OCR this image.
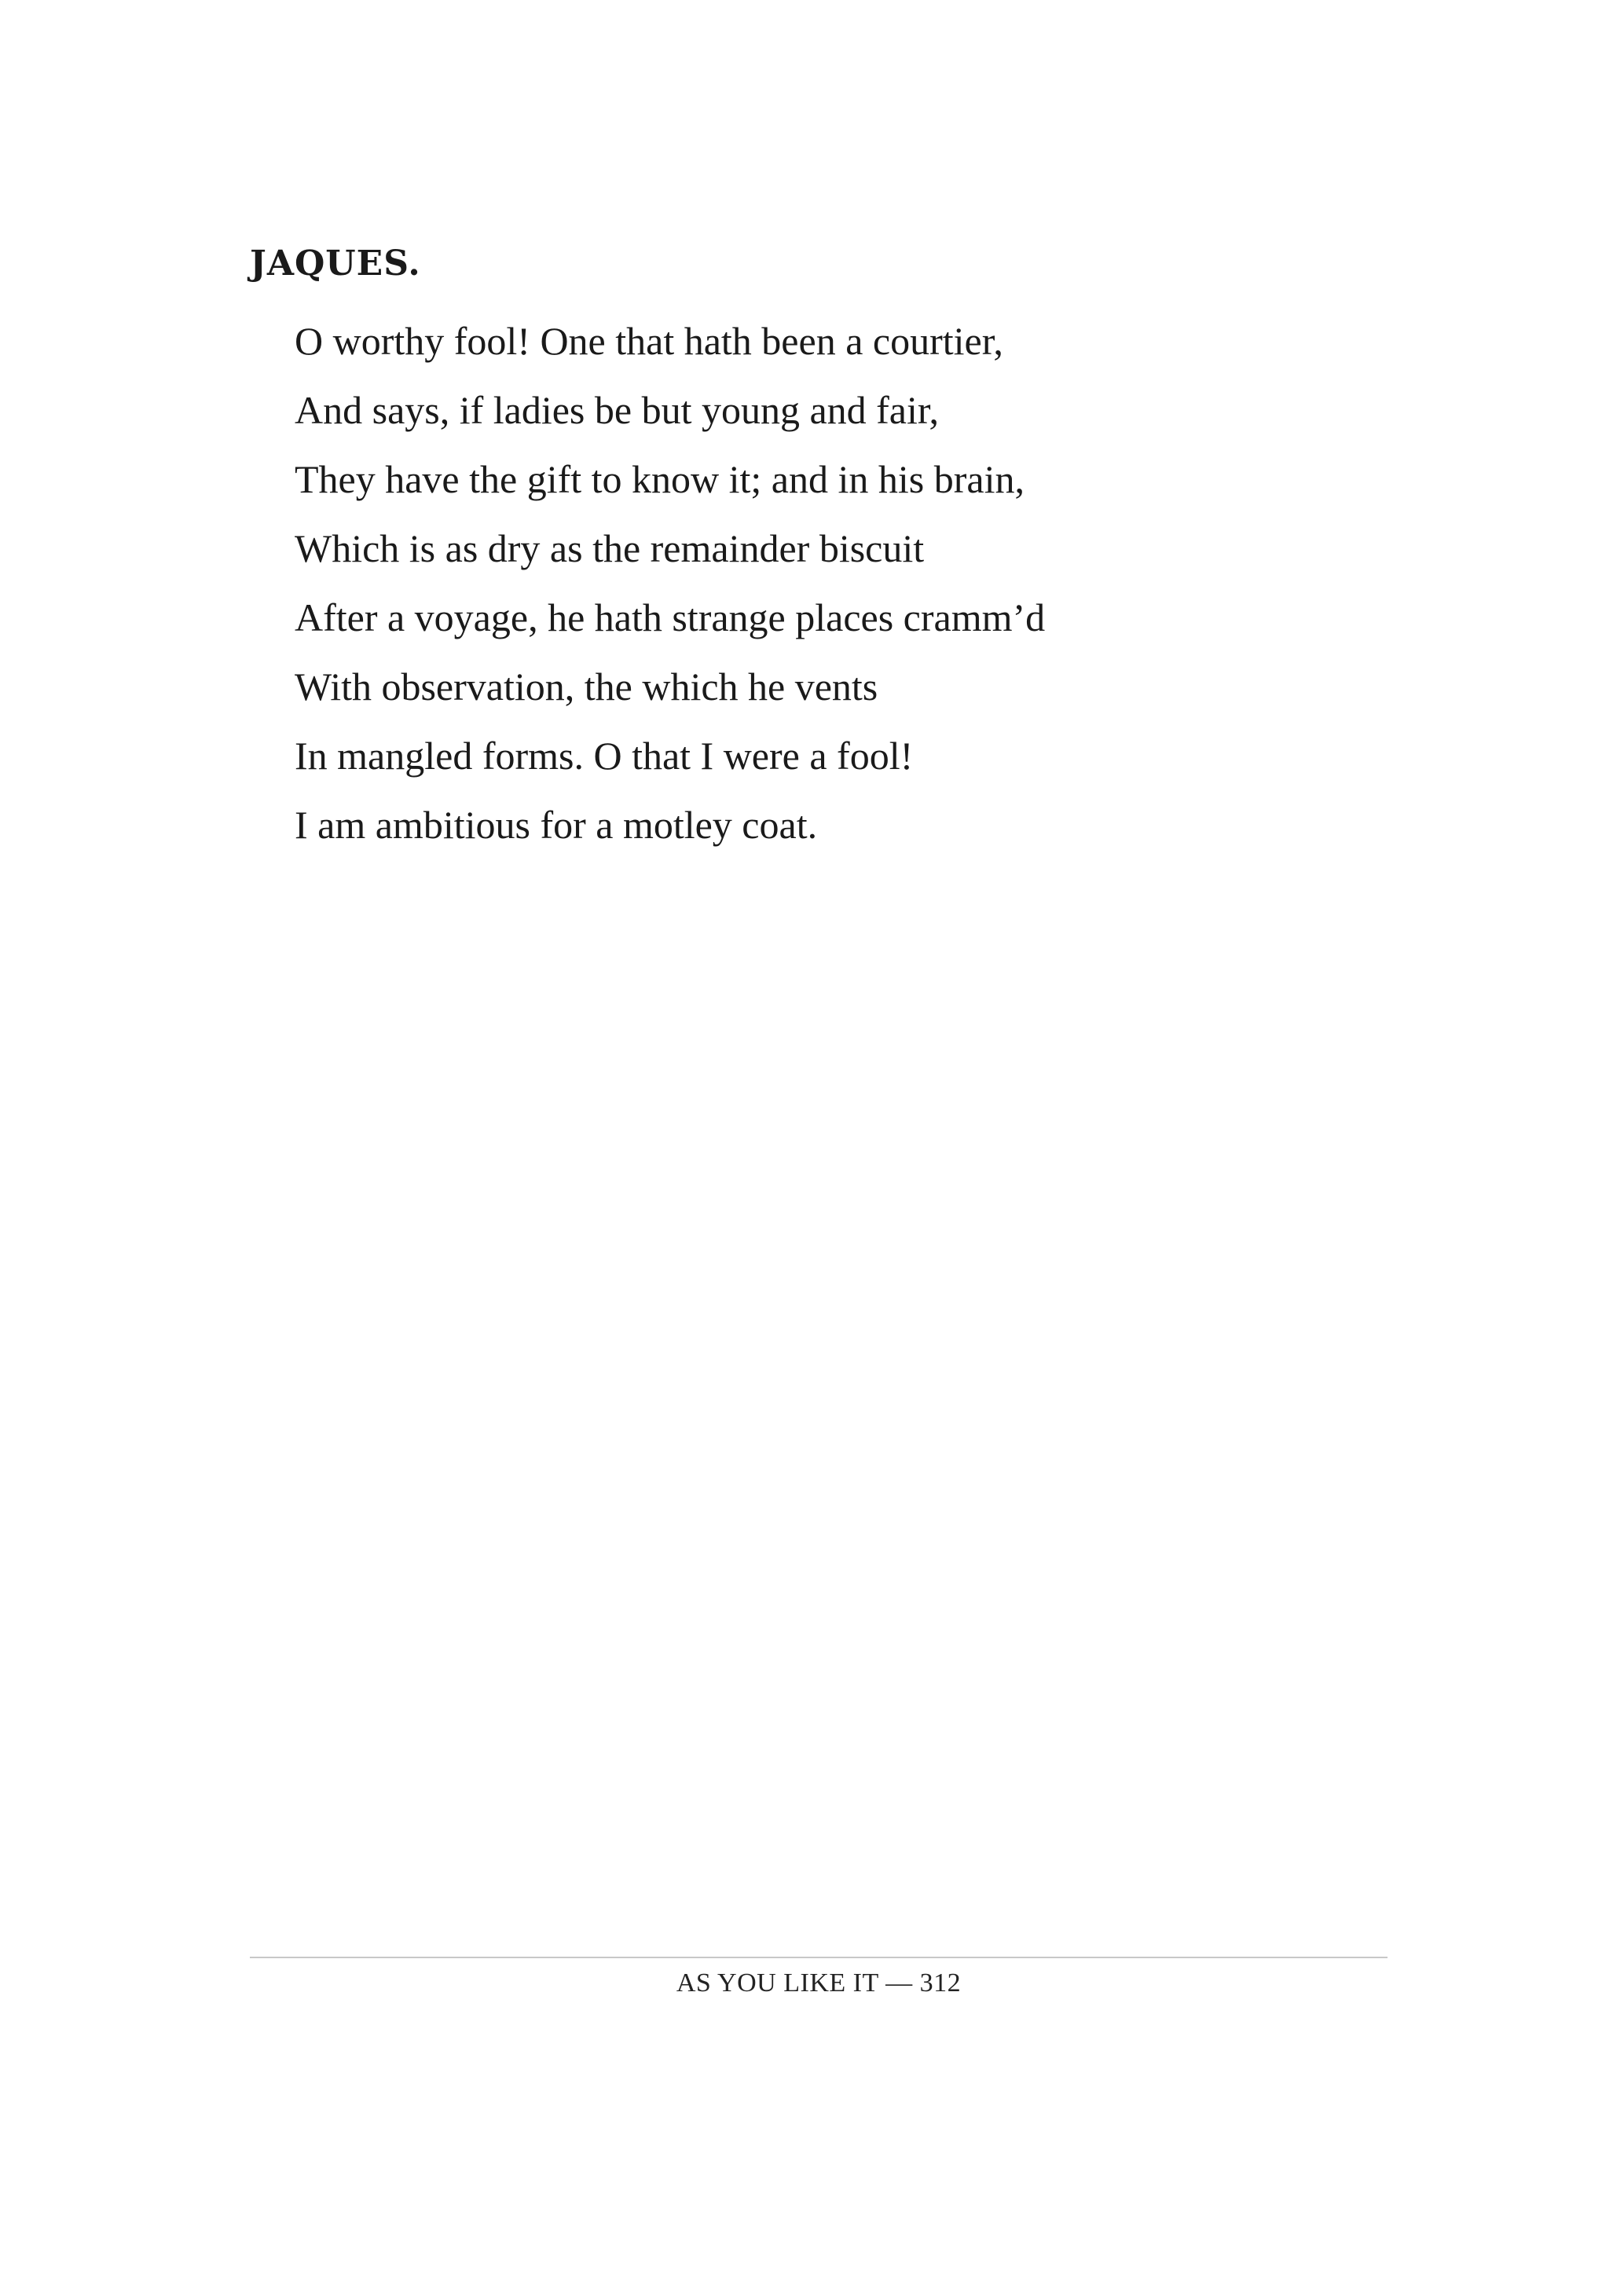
JAQUES.
O worthy fool! One that hath been a courtier,
And says, if ladies be but young and fair,
They have the gift to know it; and in his brain,
Which is as dry as the remainder biscuit
After a voyage, he hath strange places cramm’d
With observation, the which he vents
In mangled forms. O that I were a fool!
I am ambitious for a motley coat.
AS YOU LIKE IT — 312
